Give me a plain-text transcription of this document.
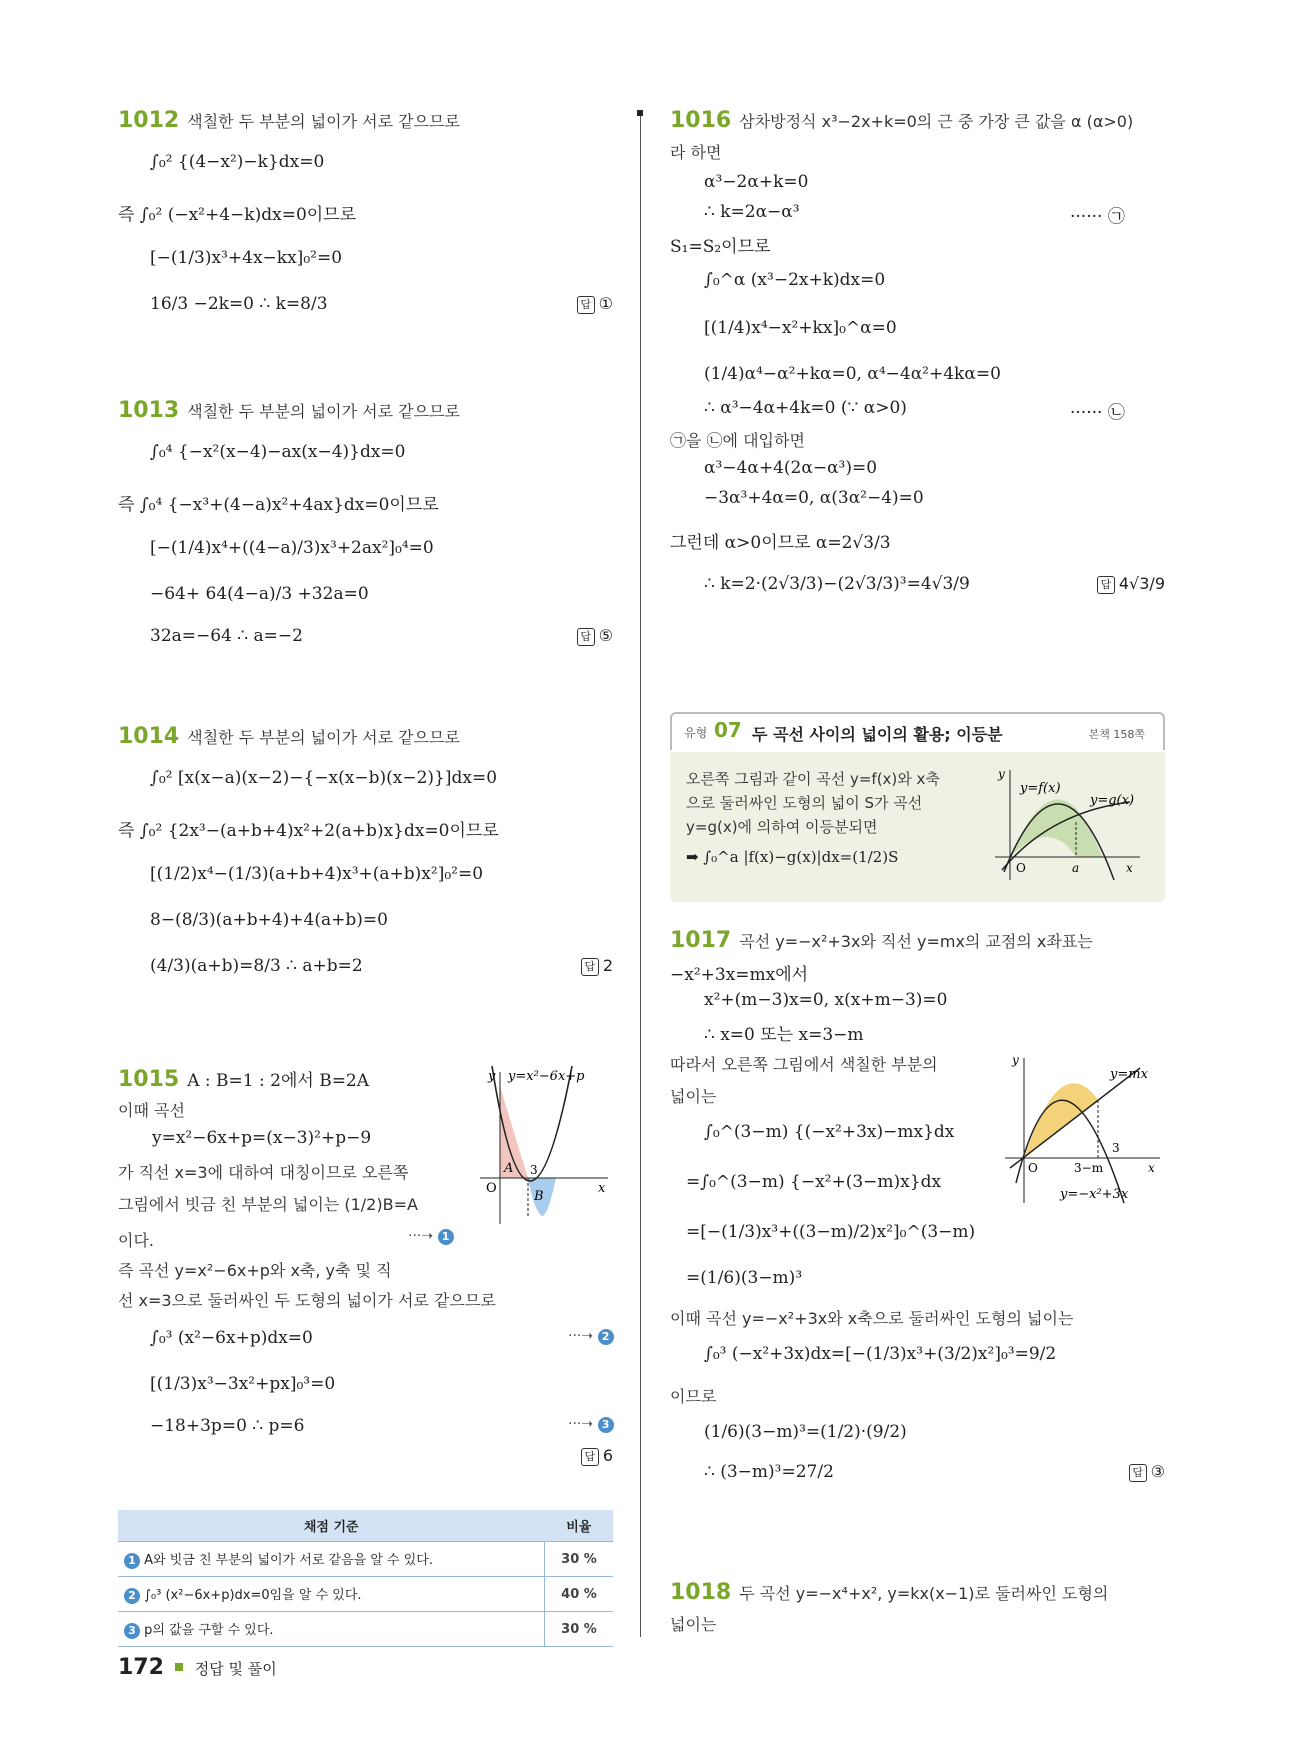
1012 색칠한 두 부분의 넓이가 서로 같으므로
∫₀² {(4−x²)−k}dx=0
즉 ∫₀² (−x²+4−k)dx=0이므로
[−(1/3)x³+4x−kx]₀²=0
16/3 −2k=0 ∴ k=8/3	답 ①
1013 색칠한 두 부분의 넓이가 서로 같으므로
∫₀⁴ {−x²(x−4)−ax(x−4)}dx=0
즉 ∫₀⁴ {−x³+(4−a)x²+4ax}dx=0이므로
[−(1/4)x⁴+((4−a)/3)x³+2ax²]₀⁴=0
−64+ 64(4−a)/3 +32a=0
32a=−64 ∴ a=−2	답 ⑤
1014 색칠한 두 부분의 넓이가 서로 같으므로
∫₀² [x(x−a)(x−2)−{−x(x−b)(x−2)}]dx=0
즉 ∫₀² {2x³−(a+b+4)x²+2(a+b)x}dx=0이므로
[(1/2)x⁴−(1/3)(a+b+4)x³+(a+b)x²]₀²=0
8−(8/3)(a+b+4)+4(a+b)=0
(4/3)(a+b)=8/3 ∴ a+b=2	답 2
1015 A : B=1 : 2에서 B=2A
이때 곡선
y=x²−6x+p=(x−3)²+p−9
가 직선 x=3에 대하여 대칭이므로 오른쪽
그림에서 빗금 친 부분의 넓이는 (1/2)B=A
이다.	···➝ 1
즉 곡선 y=x²−6x+p와 x축, y축 및 직
선 x=3으로 둘러싸인 두 도형의 넓이가 서로 같으므로
∫₀³ (x²−6x+p)dx=0	···➝ 2
[(1/3)x³−3x²+px]₀³=0
−18+3p=0 ∴ p=6	···➝ 3
답 6
y=x²−6x+p
y
x
O
3
A
B
채점 기준	비율
1 A와 빗금 친 부분의 넓이가 서로 같음을 알 수 있다.	30 %
2 ∫₀³ (x²−6x+p)dx=0임을 알 수 있다.	40 %
3 p의 값을 구할 수 있다.	30 %
1016 삼차방정식 x³−2x+k=0의 근 중 가장 큰 값을 α (α>0)
라 하면
α³−2α+k=0
∴ k=2α−α³	······ ㉠
S₁=S₂이므로
∫₀^α (x³−2x+k)dx=0
[(1/4)x⁴−x²+kx]₀^α=0
(1/4)α⁴−α²+kα=0, α⁴−4α²+4kα=0
∴ α³−4α+4k=0 (∵ α>0)	······ ㉡
㉠을 ㉡에 대입하면
α³−4α+4(2α−α³)=0
−3α³+4α=0, α(3α²−4)=0
그런데 α>0이므로 α=2√3/3
∴ k=2·(2√3/3)−(2√3/3)³=4√3/9	답 4√3/9
유형 07 두 곡선 사이의 넓이의 활용; 이등분	본책 158쪽
오른쪽 그림과 같이 곡선 y=f(x)와 x축
으로 둘러싸인 도형의 넓이 S가 곡선
y=g(x)에 의하여 이등분되면
➡ ∫₀^a |f(x)−g(x)|dx=(1/2)S
y=f(x)
y=g(x)
y
x
O	a
1017 곡선 y=−x²+3x와 직선 y=mx의 교점의 x좌표는
−x²+3x=mx에서
x²+(m−3)x=0, x(x+m−3)=0
∴ x=0 또는 x=3−m
따라서 오른쪽 그림에서 색칠한 부분의
넓이는
∫₀^(3−m) {(−x²+3x)−mx}dx
=∫₀^(3−m) {−x²+(3−m)x}dx
=[−(1/3)x³+((3−m)/2)x²]₀^(3−m)
=(1/6)(3−m)³
이때 곡선 y=−x²+3x와 x축으로 둘러싸인 도형의 넓이는
∫₀³ (−x²+3x)dx=[−(1/3)x³+(3/2)x²]₀³=9/2
이므로
(1/6)(3−m)³=(1/2)·(9/2)
∴ (3−m)³=27/2	답 ③
y=mx
y=−x²+3x
y
x
O	3−m
3
1018 두 곡선 y=−x⁴+x², y=kx(x−1)로 둘러싸인 도형의
넓이는
172 정답 및 풀이
